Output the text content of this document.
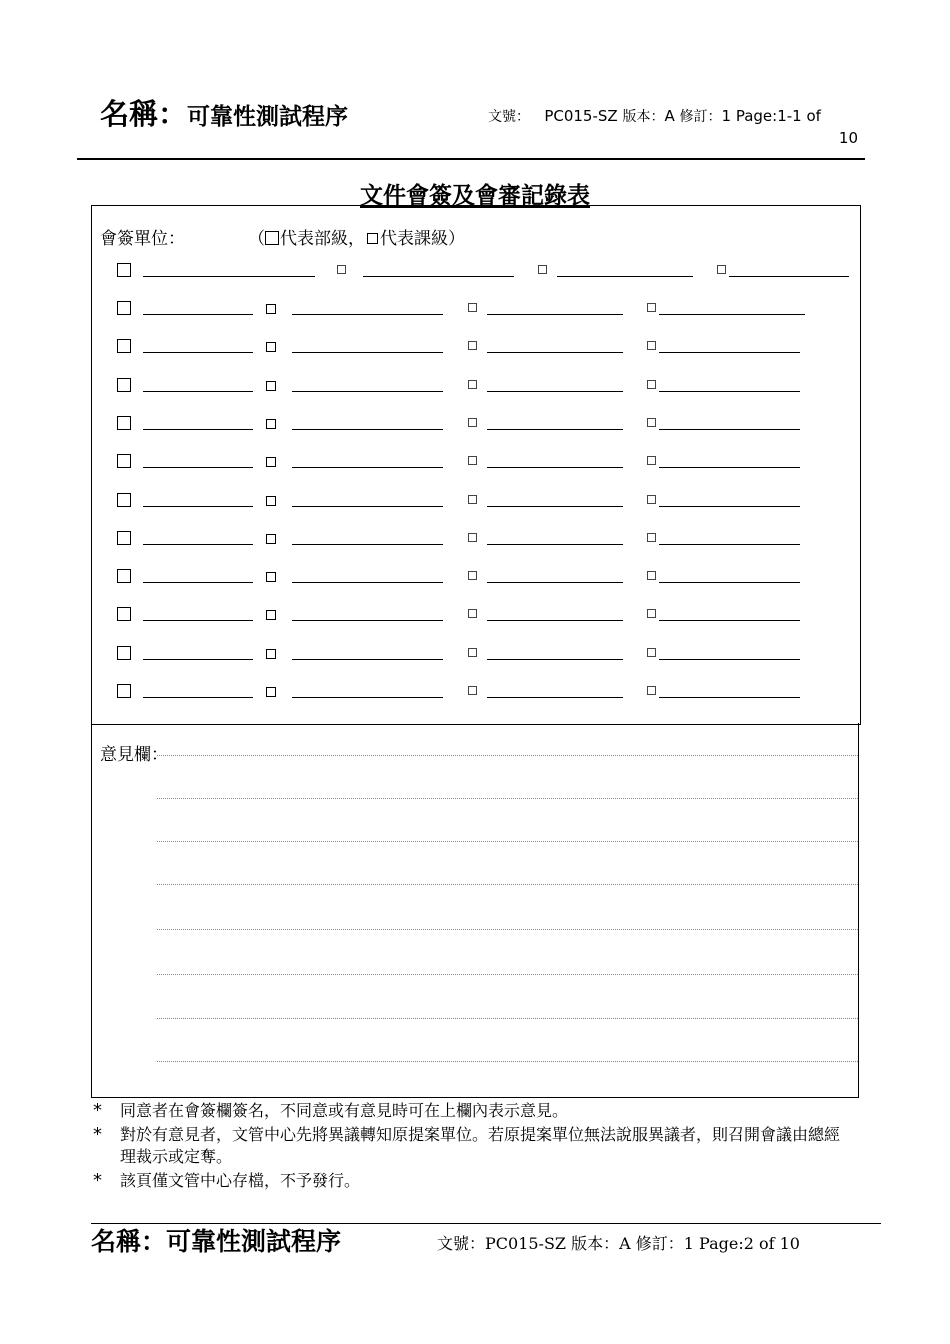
名稱：可靠性測試程序	文號： PC015-SZ 版本：A 修訂：1 Page:1-1 of
10
文件會簽及會審記錄表
會簽單位：	（ 代表部級， 代表課級）
意見欄：
* 同意者在會簽欄簽名，不同意或有意見時可在上欄內表示意見。
* 對於有意見者，文管中心先將異議轉知原提案單位。若原提案單位無法說服異議者，則召開會議由總經理裁示或定奪。
* 該頁僅文管中心存檔，不予發行。
名稱：可靠性測試程序	文號：PC015-SZ 版本：A 修訂：1 Page:2 of 10
